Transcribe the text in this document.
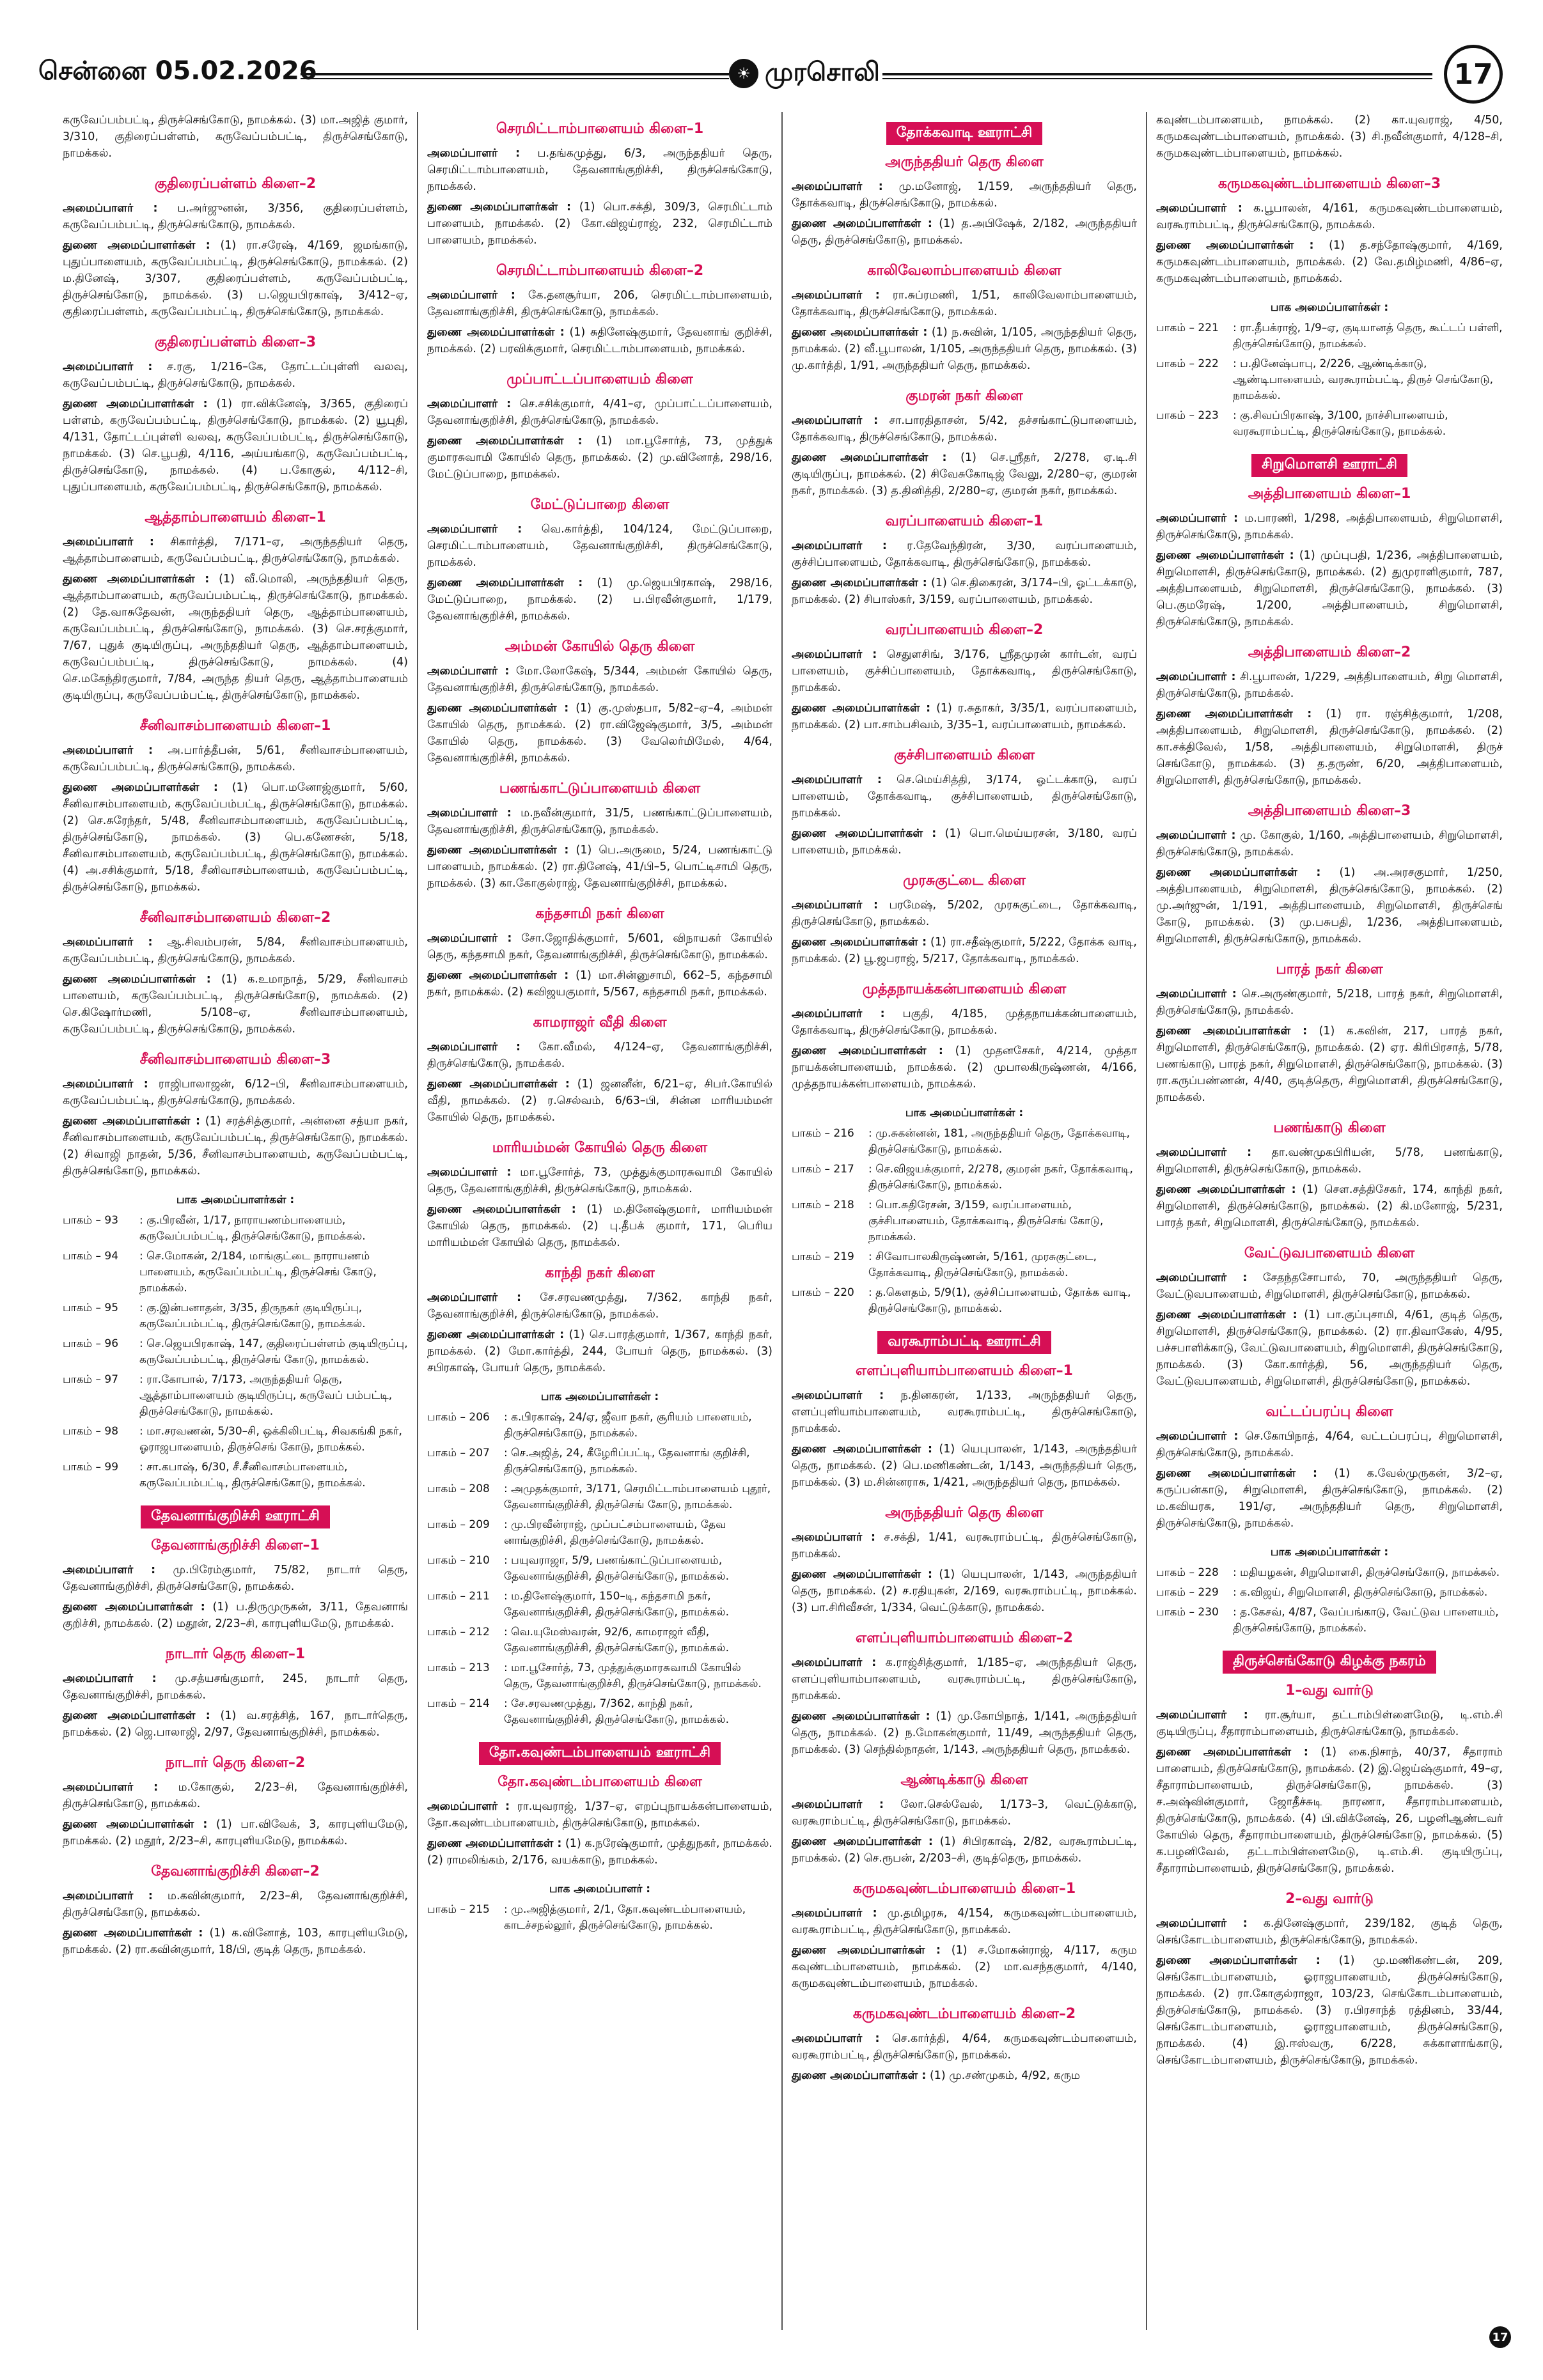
சென்னை 05.02.2026	☀ முரசொலி	17
கருவேப்பம்பட்டி, திருச்செங்கோடு, நாமக்கல். (3) மா.அஜித் குமார், 3/310, குதிரைப்பள்ளம், கருவேப்பம்பட்டி, திருச்செங்கோடு, நாமக்கல்.
குதிரைப்பள்ளம் கிளை–2
அமைப்பாளர் : ப.அர்ஜுனன், 3/356, குதிரைப்பள்ளம், கருவேப்பம்பட்டி, திருச்செங்கோடு, நாமக்கல்.
துணை அமைப்பாளர்கள் : (1) ரா.சரேஷ், 4/169, ஜமங்காடு, புதுப்பாளையம், கருவேப்பம்பட்டி, திருச்செங்கோடு, நாமக்கல். (2) ம.தினேஷ், 3/307, குதிரைப்பள்ளம், கருவேப்பம்பட்டி, திருச்செங்கோடு, நாமக்கல். (3) ப.ஜெயபிரகாஷ், 3/412–ஏ, குதிரைப்பள்ளம், கருவேப்பம்பட்டி, திருச்செங்கோடு, நாமக்கல்.
குதிரைப்பள்ளம் கிளை–3
அமைப்பாளர் : ச.ரகு, 1/216–கே, தோட்டப்புள்ளி வலவு, கருவேப்பம்பட்டி, திருச்செங்கோடு, நாமக்கல்.
துணை அமைப்பாளர்கள் : (1) ரா.விக்னேஷ், 3/365, குதிரைப் பள்ளம், கருவேப்பம்பட்டி, திருச்செங்கோடு, நாமக்கல். (2) யூபுதி, 4/131, தோட்டப்புள்ளி வலவு, கருவேப்பம்பட்டி, திருச்செங்கோடு, நாமக்கல். (3) செ.பூபதி, 4/116, அய்யங்காடு, கருவேப்பம்பட்டி, திருச்செங்கோடு, நாமக்கல். (4) ப.கோகுல், 4/112–சி, புதுப்பாளையம், கருவேப்பம்பட்டி, திருச்செங்கோடு, நாமக்கல்.
ஆத்தாம்பாளையம் கிளை–1
அமைப்பாளர் : சிகார்த்தி, 7/171–ஏ, அருந்ததியர் தெரு, ஆத்தாம்பாளையம், கருவேப்பம்பட்டி, திருச்செங்கோடு, நாமக்கல்.
துணை அமைப்பாளர்கள் : (1) வீ.மொலி, அருந்ததியர் தெரு, ஆத்தாம்பாளையம், கருவேப்பம்பட்டி, திருச்செங்கோடு, நாமக்கல். (2) தே.வாசுதேவன், அருந்ததியர் தெரு, ஆத்தாம்பாளையம், கருவேப்பம்பட்டி, திருச்செங்கோடு, நாமக்கல். (3) செ.சரத்குமார், 7/67, புதுக் குடியிருப்பு, அருந்ததியர் தெரு, ஆத்தாம்பாளையம், கருவேப்பம்பட்டி, திருச்செங்கோடு, நாமக்கல். (4) செ.மகேந்திரகுமார், 7/84, அருந்த தியர் தெரு, ஆத்தாம்பாளையம் குடியிருப்பு, கருவேப்பம்பட்டி, திருச்செங்கோடு, நாமக்கல்.
சீனிவாசம்பாளையம் கிளை–1
அமைப்பாளர் : அ.பார்த்தீபன், 5/61, சீனிவாசம்பாளையம், கருவேப்பம்பட்டி, திருச்செங்கோடு, நாமக்கல்.
துணை அமைப்பாளர்கள் : (1) பொ.மனோஜ்குமார், 5/60, சீனிவாசம்பாளையம், கருவேப்பம்பட்டி, திருச்செங்கோடு, நாமக்கல். (2) செ.சுரேந்தர், 5/48, சீனிவாசம்பாளையம், கருவேப்பம்பட்டி, திருச்செங்கோடு, நாமக்கல். (3) பெ.கணேசன், 5/18, சீனிவாசம்பாளையம், கருவேப்பம்பட்டி, திருச்செங்கோடு, நாமக்கல். (4) அ.சசிக்குமார், 5/18, சீனிவாசம்பாளையம், கருவேப்பம்பட்டி, திருச்செங்கோடு, நாமக்கல்.
சீனிவாசம்பாளையம் கிளை–2
அமைப்பாளர் : ஆ.சிவம்பரன், 5/84, சீனிவாசம்பாளையம், கருவேப்பம்பட்டி, திருச்செங்கோடு, நாமக்கல்.
துணை அமைப்பாளர்கள் : (1) க.உமாநாத், 5/29, சீனிவாசம் பாளையம், கருவேப்பம்பட்டி, திருச்செங்கோடு, நாமக்கல். (2) செ.கிஷோர்மணி, 5/108–ஏ, சீனிவாசம்பாளையம், கருவேப்பம்பட்டி, திருச்செங்கோடு, நாமக்கல்.
சீனிவாசம்பாளையம் கிளை–3
அமைப்பாளர் : ராஜிபாலாஜன், 6/12–பி, சீனிவாசம்பாளையம், கருவேப்பம்பட்டி, திருச்செங்கோடு, நாமக்கல்.
துணை அமைப்பாளர்கள் : (1) சரத்சித்குமார், அன்னை சத்யா நகர், சீனிவாசம்பாளையம், கருவேப்பம்பட்டி, திருச்செங்கோடு, நாமக்கல். (2) சிவாஜி நாதன், 5/36, சீனிவாசம்பாளையம், கருவேப்பம்பட்டி, திருச்செங்கோடு, நாமக்கல்.
பாக அமைப்பாளர்கள் :
பாகம் – 93	: கு.பிரவீன், 1/17, நாராயணம்பாளையம், கருவேப்பம்பட்டி, திருச்செங்கோடு, நாமக்கல்.
பாகம் – 94	: செ.மோகன், 2/184, மாங்குட்டை நாராயணம் பாளையம், கருவேப்பம்பட்டி, திருச்செங் கோடு, நாமக்கல்.
பாகம் – 95	: கு.இன்பனாதன், 3/35, திருநகர் குடியிருப்பு, கருவேப்பம்பட்டி, திருச்செங்கோடு, நாமக்கல்.
பாகம் – 96	: செ.ஜெயபிரகாஷ், 147, குதிரைப்பள்ளம் குடியிருப்பு, கருவேப்பம்பட்டி, திருச்செங் கோடு, நாமக்கல்.
பாகம் – 97	: ரா.கோபால், 7/173, அருந்ததியர் தெரு, ஆத்தாம்பாளையம் குடியிருப்பு, கருவேப் பம்பட்டி, திருச்செங்கோடு, நாமக்கல்.
பாகம் – 98	: மா.சரவணன், 5/30–சி, ஒக்கிலிபட்டி, சிவகங்கி நகர், ஓராஜபாளையம், திருச்செங் கோடு, நாமக்கல்.
பாகம் – 99	: சா.கபாஷ், 6/30, சீ.சீனிவாசம்பாளையம், கருவேப்பம்பட்டி, திருச்செங்கோடு, நாமக்கல்.
தேவனாங்குறிச்சி ஊராட்சி
தேவனாங்குறிச்சி கிளை–1
அமைப்பாளர் : மு.பிரேம்குமார், 75/82, நாடார் தெரு, தேவனாங்குறிச்சி, திருச்செங்கோடு, நாமக்கல்.
துணை அமைப்பாளர்கள் : (1) ப.திருமுருகன், 3/11, தேவனாங் குறிச்சி, நாமக்கல். (2) மதூன், 2/23–சி, காரபுளியமேடு, நாமக்கல்.
நாடார் தெரு கிளை–1
அமைப்பாளர் : மு.சத்யசங்குமார், 245, நாடார் தெரு, தேவனாங்குறிச்சி, நாமக்கல்.
துணை அமைப்பாளர்கள் : (1) வ.சரத்சித், 167, நாடார்தெரு, நாமக்கல். (2) ஜெ.பாலாஜி, 2/97, தேவனாங்குறிச்சி, நாமக்கல்.
நாடார் தெரு கிளை–2
அமைப்பாளர் : ம.கோகுல், 2/23–சி, தேவனாங்குறிச்சி, திருச்செங்கோடு, நாமக்கல்.
துணை அமைப்பாளர்கள் : (1) பா.விவேக், 3, காரபுளியமேடு, நாமக்கல். (2) மதூர், 2/23–சி, காரபுளியமேடு, நாமக்கல்.
தேவனாங்குறிச்சி கிளை–2
அமைப்பாளர் : ம.கவின்குமார், 2/23–சி, தேவனாங்குறிச்சி, திருச்செங்கோடு, நாமக்கல்.
துணை அமைப்பாளர்கள் : (1) க.வினோத், 103, காரபுளியமேடு, நாமக்கல். (2) ரா.கவின்குமார், 18/பி, குடித் தெரு, நாமக்கல்.
செரமிட்டாம்பாளையம் கிளை–1
அமைப்பாளர் : ப.தங்கமுத்து, 6/3, அருந்ததியர் தெரு, செரமிட்டாம்பாளையம், தேவனாங்குறிச்சி, திருச்செங்கோடு, நாமக்கல்.
துணை அமைப்பாளர்கள் : (1) பொ.சக்தி, 309/3, செரமிட்டாம் பாளையம், நாமக்கல். (2) கோ.விஜய்ராஜ், 232, செரமிட்டாம் பாளையம், நாமக்கல்.
செரமிட்டாம்பாளையம் கிளை–2
அமைப்பாளர் : கே.தனசூர்யா, 206, செரமிட்டாம்பாளையம், தேவனாங்குறிச்சி, திருச்செங்கோடு, நாமக்கல்.
துணை அமைப்பாளர்கள் : (1) சுதினேஷ்குமார், தேவனாங் குறிச்சி, நாமக்கல். (2) பரவிக்குமார், செரமிட்டாம்பாளையம், நாமக்கல்.
முப்பாட்டப்பாளையம் கிளை
அமைப்பாளர் : செ.சசிக்குமார், 4/41–ஏ, முப்பாட்டப்பாளையம், தேவனாங்குறிச்சி, திருச்செங்கோடு, நாமக்கல்.
துணை அமைப்பாளர்கள் : (1) மா.பூசோர்த், 73, முத்துக் குமாரசுவாமி கோயில் தெரு, நாமக்கல். (2) மு.வினோத், 298/16, மேட்டுப்பாறை, நாமக்கல்.
மேட்டுப்பாறை கிளை
அமைப்பாளர் : வெ.கார்த்தி, 104/124, மேட்டுப்பாறை, செரமிட்டாம்பாளையம், தேவனாங்குறிச்சி, திருச்செங்கோடு, நாமக்கல்.
துணை அமைப்பாளர்கள் : (1) மு.ஜெயபிரகாஷ், 298/16, மேட்டுப்பாறை, நாமக்கல். (2) ப.பிரவீன்குமார், 1/179, தேவனாங்குறிச்சி, நாமக்கல்.
அம்மன் கோயில் தெரு கிளை
அமைப்பாளர் : மோ.லோகேஷ், 5/344, அம்மன் கோயில் தெரு, தேவனாங்குறிச்சி, திருச்செங்கோடு, நாமக்கல்.
துணை அமைப்பாளர்கள் : (1) கு.முஸ்தபா, 5/82–ஏ–4, அம்மன் கோயில் தெரு, நாமக்கல். (2) ரா.விஜேஷ்குமார், 3/5, அம்மன் கோயில் தெரு, நாமக்கல். (3) வேலெர்மிமேல், 4/64, தேவனாங்குறிச்சி, நாமக்கல்.
பணங்காட்டுப்பாளையம் கிளை
அமைப்பாளர் : ம.நவீன்குமார், 31/5, பணங்காட்டுப்பாளையம், தேவனாங்குறிச்சி, திருச்செங்கோடு, நாமக்கல்.
துணை அமைப்பாளர்கள் : (1) பெ.அருமை, 5/24, பணங்காட்டு பாளையம், நாமக்கல். (2) ரா.தினேஷ், 41/பி–5, பொட்டிசாமி தெரு, நாமக்கல். (3) கா.கோகுல்ராஜ், தேவனாங்குறிச்சி, நாமக்கல்.
கந்தசாமி நகர் கிளை
அமைப்பாளர் : சோ.ஜோதிக்குமார், 5/601, விநாயகர் கோயில் தெரு, கந்தசாமி நகர், தேவனாங்குறிச்சி, திருச்செங்கோடு, நாமக்கல்.
துணை அமைப்பாளர்கள் : (1) மா.சின்னுசாமி, 662–5, கந்தசாமி நகர், நாமக்கல். (2) கவிஜயகுமார், 5/567, கந்தசாமி நகர், நாமக்கல்.
காமராஜர் வீதி கிளை
அமைப்பாளர் : கோ.வீமல், 4/124–ஏ, தேவனாங்குறிச்சி, திருச்செங்கோடு, நாமக்கல்.
துணை அமைப்பாளர்கள் : (1) ஜனனீன், 6/21–ஏ, சிபர்.கோயில் வீதி, நாமக்கல். (2) ர.செல்வம், 6/63–பி, சின்ன மாரியம்மன் கோயில் தெரு, நாமக்கல்.
மாரியம்மன் கோயில் தெரு கிளை
அமைப்பாளர் : மா.பூசோர்த், 73, முத்துக்குமாரசுவாமி கோயில் தெரு, தேவனாங்குறிச்சி, திருச்செங்கோடு, நாமக்கல்.
துணை அமைப்பாளர்கள் : (1) ம.தினேஷ்குமார், மாரியம்மன் கோயில் தெரு, நாமக்கல். (2) பு.தீபக் குமார், 171, பெரிய மாரியம்மன் கோயில் தெரு, நாமக்கல்.
காந்தி நகர் கிளை
அமைப்பாளர் : சே.சரவணமுத்து, 7/362, காந்தி நகர், தேவனாங்குறிச்சி, திருச்செங்கோடு, நாமக்கல்.
துணை அமைப்பாளர்கள் : (1) செ.பாரத்குமார், 1/367, காந்தி நகர், நாமக்கல். (2) மோ.கார்த்தி, 244, போயர் தெரு, நாமக்கல். (3) சபிரகாஷ், போயர் தெரு, நாமக்கல்.
பாக அமைப்பாளர்கள் :
பாகம் – 206	: க.பிரகாஷ், 24/ஏ, ஜீவா நகர், சூரியம் பாளையம், திருச்செங்கோடு, நாமக்கல்.
பாகம் – 207	: செ.அஜித், 24, கீழேரிப்பட்டி, தேவனாங் குறிச்சி, திருச்செங்கோடு, நாமக்கல்.
பாகம் – 208	: அமுதக்குமார், 3/171, செரமிட்டாம்பாளையம் புதூர், தேவனாங்குறிச்சி, திருச்செங் கோடு, நாமக்கல்.
பாகம் – 209	: மு.பிரவீன்ராஜ், முப்பட்சம்பாளையம், தேவ னாங்குறிச்சி, திருச்செங்கோடு, நாமக்கல்.
பாகம் – 210	: பயுவராஜா, 5/9, பணங்காட்டுப்பாளையம், தேவனாங்குறிச்சி, திருச்செங்கோடு, நாமக்கல்.
பாகம் – 211	: ம.தினேஷ்குமார், 150–டி, கந்தசாமி நகர், தேவனாங்குறிச்சி, திருச்செங்கோடு, நாமக்கல்.
பாகம் – 212	: வெ.யுமேஸ்வரன், 92/6, காமராஜர் வீதி, தேவனாங்குறிச்சி, திருச்செங்கோடு, நாமக்கல்.
பாகம் – 213	: மா.பூசோர்த், 73, முத்துக்குமாரசுவாமி கோயில் தெரு, தேவனாங்குறிச்சி, திருச்செங்கோடு, நாமக்கல்.
பாகம் – 214	: சே.சரவணமுத்து, 7/362, காந்தி நகர், தேவனாங்குறிச்சி, திருச்செங்கோடு, நாமக்கல்.
தோ.கவுண்டம்பாளையம் ஊராட்சி
தோ.கவுண்டம்பாளையம் கிளை
அமைப்பாளர் : ரா.யுவராஜ், 1/37–ஏ, எறப்புநாயக்கன்பாளையம், தோ.கவுண்டம்பாளையம், திருச்செங்கோடு, நாமக்கல்.
துணை அமைப்பாளர்கள் : (1) க.நரேஷ்குமார், முத்துநகர், நாமக்கல். (2) ராமலிங்கம், 2/176, வயக்காடு, நாமக்கல்.
பாக அமைப்பாளர் :
பாகம் – 215	: மு.அஜித்குமார், 2/1, தோ.கவுண்டம்பாளையம், காடச்சநல்லூர், திருச்செங்கோடு, நாமக்கல்.
தோக்கவாடி ஊராட்சி
அருந்ததியர் தெரு கிளை
அமைப்பாளர் : மு.மனோஜ், 1/159, அருந்ததியர் தெரு, தோக்கவாடி, திருச்செங்கோடு, நாமக்கல்.
துணை அமைப்பாளர்கள் : (1) த.அபிஷேக், 2/182, அருந்ததியர் தெரு, திருச்செங்கோடு, நாமக்கல்.
காலிவேலாம்பாளையம் கிளை
அமைப்பாளர் : ரா.சுப்ரமணி, 1/51, காலிவேலாம்பாளையம், தோக்கவாடி, திருச்செங்கோடு, நாமக்கல்.
துணை அமைப்பாளர்கள் : (1) ந.சுவின், 1/105, அருந்ததியர் தெரு, நாமக்கல். (2) வீ.பூபாலன், 1/105, அருந்ததியர் தெரு, நாமக்கல். (3) மு.கார்த்தி, 1/91, அருந்ததியர் தெரு, நாமக்கல்.
குமரன் நகர் கிளை
அமைப்பாளர் : சா.பாரதிதாசன், 5/42, தச்சங்காட்டுபாளையம், தோக்கவாடி, திருச்செங்கோடு, நாமக்கல்.
துணை அமைப்பாளர்கள் : (1) செ.ஸ்ரீதர், 2/278, ஏ.டி.சி குடியிருப்பு, நாமக்கல். (2) சிவேசுகோடிஜ் வேலு, 2/280–ஏ, குமரன் நகர், நாமக்கல். (3) த.தினித்தி, 2/280–ஏ, குமரன் நகர், நாமக்கல்.
வரப்பாளையம் கிளை–1
அமைப்பாளர் : ர.தேவேந்திரன், 3/30, வரப்பாளையம், குச்சிப்பாளையம், தோக்கவாடி, திருச்செங்கோடு, நாமக்கல்.
துணை அமைப்பாளர்கள் : (1) செ.திகைரன், 3/174–பி, ஓட்டக்காடு, நாமக்கல். (2) சிபாஸ்கர், 3/159, வரப்பாளையம், நாமக்கல்.
வரப்பாளையம் கிளை–2
அமைப்பாளர் : செதுளசிங், 3/176, ஸ்ரீதமுரன் கார்டன், வரப் பாளையம், குச்சிப்பாளையம், தோக்கவாடி, திருச்செங்கோடு, நாமக்கல்.
துணை அமைப்பாளர்கள் : (1) ர.சுதாகர், 3/35/1, வரப்பாளையம், நாமக்கல். (2) பா.சாம்பசிவம், 3/35–1, வரப்பாளையம், நாமக்கல்.
குச்சிபாளையம் கிளை
அமைப்பாளர் : செ.மெய்சித்தி, 3/174, ஓட்டக்காடு, வரப் பாளையம், தோக்கவாடி, குச்சிபாளையம், திருச்செங்கோடு, நாமக்கல்.
துணை அமைப்பாளர்கள் : (1) பொ.மெய்யரசன், 3/180, வரப் பாளையம், நாமக்கல்.
முரசுகுட்டை கிளை
அமைப்பாளர் : பரமேஷ், 5/202, முரசுகுட்டை, தோக்கவாடி, திருச்செங்கோடு, நாமக்கல்.
துணை அமைப்பாளர்கள் : (1) ரா.சதீஷ்குமார், 5/222, தோக்க வாடி, நாமக்கல். (2) பூ.ஜபராஜ், 5/217, தோக்கவாடி, நாமக்கல்.
முத்தநாயக்கன்பாளையம் கிளை
அமைப்பாளர் : பகுதி, 4/185, முத்தநாயக்கன்பாளையம், தோக்கவாடி, திருச்செங்கோடு, நாமக்கல்.
துணை அமைப்பாளர்கள் : (1) முதனசேகர், 4/214, முத்தா நாயக்கன்பாளையம், நாமக்கல். (2) முபாலகிருஷ்ணன், 4/166, முத்தநாயக்கன்பாளையம், நாமக்கல்.
பாக அமைப்பாளர்கள் :
பாகம் – 216	: மு.சுகன்னன், 181, அருந்ததியர் தெரு, தோக்கவாடி, திருச்செங்கோடு, நாமக்கல்.
பாகம் – 217	: செ.விஜயக்குமார், 2/278, குமரன் நகர், தோக்கவாடி, திருச்செங்கோடு, நாமக்கல்.
பாகம் – 218	: பொ.சுதிரேசன், 3/159, வரப்பாளையம், குச்சிபாளையம், தோக்கவாடி, திருச்செங் கோடு, நாமக்கல்.
பாகம் – 219	: சிவோபாலகிருஷ்ணன், 5/161, முரசுகுட்டை, தோக்கவாடி, திருச்செங்கோடு, நாமக்கல்.
பாகம் – 220	: த.கௌதம், 5/9(1), குச்சிப்பாளையம், தோக்க வாடி, திருச்செங்கோடு, நாமக்கல்.
வரகூராம்பட்டி ஊராட்சி
எளப்புளியாம்பாளையம் கிளை–1
அமைப்பாளர் : ந.தினகரன், 1/133, அருந்ததியர் தெரு, எளப்புளியாம்பாளையம், வரகூராம்பட்டி, திருச்செங்கோடு, நாமக்கல்.
துணை அமைப்பாளர்கள் : (1) யெபுபாலன், 1/143, அருந்ததியர் தெரு, நாமக்கல். (2) பெ.மணிகண்டன், 1/143, அருந்ததியர் தெரு, நாமக்கல். (3) ம.சின்னராசு, 1/421, அருந்ததியர் தெரு, நாமக்கல்.
அருந்ததியர் தெரு கிளை
அமைப்பாளர் : ச.சக்தி, 1/41, வரகூராம்பட்டி, திருச்செங்கோடு, நாமக்கல்.
துணை அமைப்பாளர்கள் : (1) யெபுபாலன், 1/143, அருந்ததியர் தெரு, நாமக்கல். (2) ச.ரதியுகன், 2/169, வரகூராம்பட்டி, நாமக்கல். (3) பா.சிரிவீசன், 1/334, வெட்டுக்காடு, நாமக்கல்.
எளப்புளியாம்பாளையம் கிளை–2
அமைப்பாளர் : க.ராஜ்சித்குமார், 1/185–ஏ, அருந்ததியர் தெரு, எளப்புளியாம்பாளையம், வரகூராம்பட்டி, திருச்செங்கோடு, நாமக்கல்.
துணை அமைப்பாளர்கள் : (1) மு.கோபிநாத், 1/141, அருந்ததியர் தெரு, நாமக்கல். (2) ந.மோகன்குமார், 11/49, அருந்ததியர் தெரு, நாமக்கல். (3) செந்தில்நாதன், 1/143, அருந்ததியர் தெரு, நாமக்கல்.
ஆண்டிக்காடு கிளை
அமைப்பாளர் : லோ.செல்வேல், 1/173–3, வெட்டுக்காடு, வரகூராம்பட்டி, திருச்செங்கோடு, நாமக்கல்.
துணை அமைப்பாளர்கள் : (1) சிபிரகாஷ், 2/82, வரகூராம்பட்டி, நாமக்கல். (2) செ.ரூபன், 2/203–சி, குடித்தெரு, நாமக்கல்.
கருமகவுண்டம்பாளையம் கிளை–1
அமைப்பாளர் : மு.தமிழரசு, 4/154, கருமகவுண்டம்பாளையம், வரகூராம்பட்டி, திருச்செங்கோடு, நாமக்கல்.
துணை அமைப்பாளர்கள் : (1) ச.மோகன்ராஜ், 4/117, கரும கவுண்டம்பாளையம், நாமக்கல். (2) மா.வசந்தகுமார், 4/140, கருமகவுண்டம்பாளையம், நாமக்கல்.
கருமகவுண்டம்பாளையம் கிளை–2
அமைப்பாளர் : செ.கார்த்தி, 4/64, கருமகவுண்டம்பாளையம், வரகூராம்பட்டி, திருச்செங்கோடு, நாமக்கல்.
துணை அமைப்பாளர்கள் : (1) மு.சண்முகம், 4/92, கரும
கவுண்டம்பாளையம், நாமக்கல். (2) கா.யுவராஜ், 4/50, கருமகவுண்டம்பாளையம், நாமக்கல். (3) சி.நவீன்குமார், 4/128–சி, கருமகவுண்டம்பாளையம், நாமக்கல்.
கருமகவுண்டம்பாளையம் கிளை–3
அமைப்பாளர் : க.பூபாலன், 4/161, கருமகவுண்டம்பாளையம், வரகூராம்பட்டி, திருச்செங்கோடு, நாமக்கல்.
துணை அமைப்பாளர்கள் : (1) த.சந்தோஷ்குமார், 4/169, கருமகவுண்டம்பாளையம், நாமக்கல். (2) வே.தமிழ்மணி, 4/86–ஏ, கருமகவுண்டம்பாளையம், நாமக்கல்.
பாக அமைப்பாளர்கள் :
பாகம் – 221	: ரா.தீபக்ராஜ், 1/9–ஏ, குடியானத் தெரு, கூட்டப் பள்ளி, திருச்செங்கோடு, நாமக்கல்.
பாகம் – 222	: ப.தினேஷ்பாபு, 2/226, ஆண்டிக்காடு, ஆண்டிபாளையம், வரகூராம்பட்டி, திருச் செங்கோடு, நாமக்கல்.
பாகம் – 223	: கு.சிவப்பிரகாஷ், 3/100, நாச்சிபாளையம், வரகூராம்பட்டி, திருச்செங்கோடு, நாமக்கல்.
சிறுமொளசி ஊராட்சி
அத்திபாளையம் கிளை–1
அமைப்பாளர் : ம.பாரணி, 1/298, அத்திபாளையம், சிறுமொளசி, திருச்செங்கோடு, நாமக்கல்.
துணை அமைப்பாளர்கள் : (1) முப்புபதி, 1/236, அத்திபாளையம், சிறுமொளசி, திருச்செங்கோடு, நாமக்கல். (2) துமுராளிகுமார், 787, அத்திபாளையம், சிறுமொளசி, திருச்செங்கோடு, நாமக்கல். (3) பெ.குமரேஷ், 1/200, அத்திபாளையம், சிறுமொளசி, திருச்செங்கோடு, நாமக்கல்.
அத்திபாளையம் கிளை–2
அமைப்பாளர் : சி.பூபாலன், 1/229, அத்திபாளையம், சிறு மொளசி, திருச்செங்கோடு, நாமக்கல்.
துணை அமைப்பாளர்கள் : (1) ரா. ரஞ்சித்குமார், 1/208, அத்திபாளையம், சிறுமொளசி, திருச்செங்கோடு, நாமக்கல். (2) கா.சக்திவேல், 1/58, அத்திபாளையம், சிறுமொளசி, திருச் செங்கோடு, நாமக்கல். (3) த.தருண், 6/20, அத்திபாளையம், சிறுமொளசி, திருச்செங்கோடு, நாமக்கல்.
அத்திபாளையம் கிளை–3
அமைப்பாளர் : மு. கோகுல், 1/160, அத்திபாளையம், சிறுமொளசி, திருச்செங்கோடு, நாமக்கல்.
துணை அமைப்பாளர்கள் : (1) அ.அரசகுமார், 1/250, அத்திபாளையம், சிறுமொளசி, திருச்செங்கோடு, நாமக்கல். (2) மு.அர்ஜுன், 1/191, அத்திபாளையம், சிறுமொளசி, திருச்செங் கோடு, நாமக்கல். (3) மு.பசுபதி, 1/236, அத்திபாளையம், சிறுமொளசி, திருச்செங்கோடு, நாமக்கல்.
பாரத் நகர் கிளை
அமைப்பாளர் : செ.அருண்குமார், 5/218, பாரத் நகர், சிறுமொளசி, திருச்செங்கோடு, நாமக்கல்.
துணை அமைப்பாளர்கள் : (1) க.கவின், 217, பாரத் நகர், சிறுமொளசி, திருச்செங்கோடு, நாமக்கல். (2) ஏர. கிரிபிரசாத், 5/78, பணங்காடு, பாரத் நகர், சிறுமொளசி, திருச்செங்கோடு, நாமக்கல். (3) ரா.கருப்பண்ணன், 4/40, குடித்தெரு, சிறுமொளசி, திருச்செங்கோடு, நாமக்கல்.
பணங்காடு கிளை
அமைப்பாளர் : தா.வண்முகபிரியன், 5/78, பணங்காடு, சிறுமொளசி, திருச்செங்கோடு, நாமக்கல்.
துணை அமைப்பாளர்கள் : (1) செள.சத்திசேகர், 174, காந்தி நகர், சிறுமொளசி, திருச்செங்கோடு, நாமக்கல். (2) கி.மனோஜ், 5/231, பாரத் நகர், சிறுமொளசி, திருச்செங்கோடு, நாமக்கல்.
வேட்டுவபாளையம் கிளை
அமைப்பாளர் : சேதந்தசோபால், 70, அருந்ததியர் தெரு, வேட்டுவபாளையம், சிறுமொளசி, திருச்செங்கோடு, நாமக்கல்.
துணை அமைப்பாளர்கள் : (1) பா.குப்புசாமி, 4/61, குடித் தெரு, சிறுமொளசி, திருச்செங்கோடு, நாமக்கல். (2) ரா.திவாகேஸ், 4/95, பச்சபாளிக்காடு, வேட்டுவபாளையம், சிறுமொளசி, திருச்செங்கோடு, நாமக்கல். (3) கோ.கார்த்தி, 56, அருந்ததியர் தெரு, வேட்டுவபாளையம், சிறுமொளசி, திருச்செங்கோடு, நாமக்கல்.
வட்டப்பரப்பு கிளை
அமைப்பாளர் : செ.கோபிநாத், 4/64, வட்டப்பரப்பு, சிறுமொளசி, திருச்செங்கோடு, நாமக்கல்.
துணை அமைப்பாளர்கள் : (1) க.வேல்முருகன், 3/2–ஏ, கருப்பன்காடு, சிறுமொளசி, திருச்செங்கோடு, நாமக்கல். (2) ம.கவியரசு, 191/ஏ, அருந்ததியர் தெரு, சிறுமொளசி, திருச்செங்கோடு, நாமக்கல்.
பாக அமைப்பாளர்கள் :
பாகம் – 228	: மதியழகன், சிறுமொளசி, திருச்செங்கோடு, நாமக்கல்.
பாகம் – 229	: க.விஜய், சிறுமொளசி, திருச்செங்கோடு, நாமக்கல்.
பாகம் – 230	: த.கேசவ், 4/87, வேப்பங்காடு, வேட்டுவ பாளையம், திருச்செங்கோடு, நாமக்கல்.
திருச்செங்கோடு கிழக்கு நகரம்
1–வது வார்டு
அமைப்பாளர் : ரா.சூர்யா, தட்டாம்பிள்ளைமேடு, டி.எம்.சி குடியிருப்பு, சீதாராம்பாளையம், திருச்செங்கோடு, நாமக்கல்.
துணை அமைப்பாளர்கள் : (1) கை.நிசாந், 40/37, சீதாராம் பாளையம், திருச்செங்கோடு, நாமக்கல். (2) இ.ஜெய்ஷ்குமார், 49–ஏ, சீதாராம்பாளையம், திருச்செங்கோடு, நாமக்கல். (3) ச.அஷ்வின்குமார், ஜோதீச்சுடி நாரணா, சீதாராம்பாளையம், திருச்செங்கோடு, நாமக்கல். (4) பி.விக்னேஷ், 26, பழனிஆண்டவர் கோயில் தெரு, சீதாராம்பாளையம், திருச்செங்கோடு, நாமக்கல். (5) க.பழனிவேல், தட்டாம்பிள்ளைமேடு, டி.எம்.சி. குடியிருப்பு, சீதாராம்பாளையம், திருச்செங்கோடு, நாமக்கல்.
2–வது வார்டு
அமைப்பாளர் : க.தினேஷ்குமார், 239/182, குடித் தெரு, செங்கோடம்பாளையம், திருச்செங்கோடு, நாமக்கல்.
துணை அமைப்பாளர்கள் : (1) மு.மணிகண்டன், 209, செங்கோடம்பாளையம், ஓராஜபாளையம், திருச்செங்கோடு, நாமக்கல். (2) ரா.கோகுல்ராஜா, 103/23, செங்கோடம்பாளையம், திருச்செங்கோடு, நாமக்கல். (3) ர.பிரசாந்த் ரத்தினம், 33/44, செங்கோடம்பாளையம், ஓராஜபாளையம், திருச்செங்கோடு, நாமக்கல். (4) இ.ஈஸ்வரு, 6/228, சுக்காளாங்காடு, செங்கோடம்பாளையம், திருச்செங்கோடு, நாமக்கல்.
17
